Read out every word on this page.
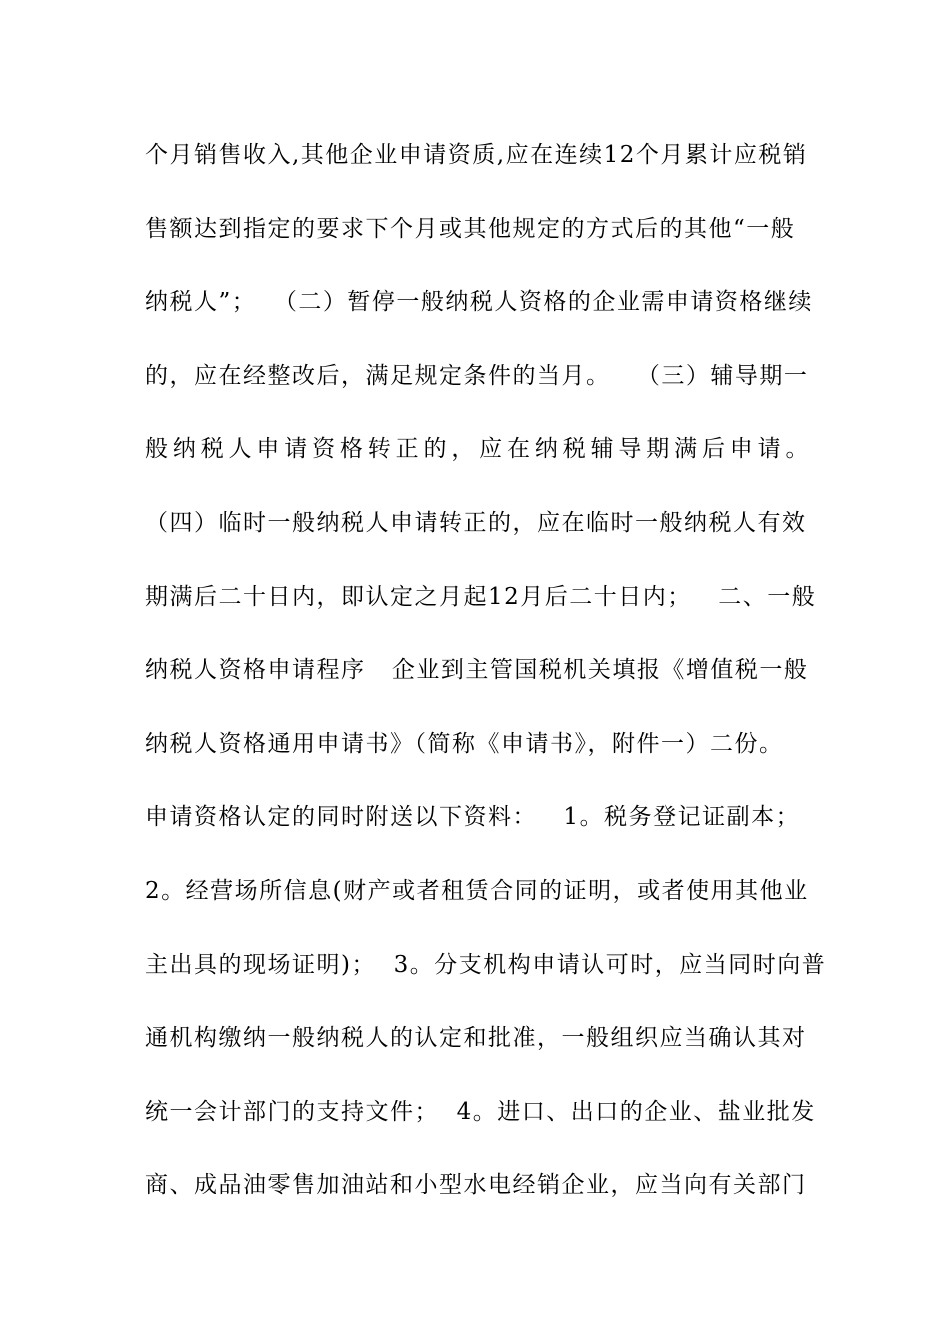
个月销售收入,其他企业申请资质,应在连续12个月累计应税销
售额达到指定的要求下个月或其他规定的方式后的其他“一般
纳税人”；  （二）暂停一般纳税人资格的企业需申请资格继续
的，应在经整改后，满足规定条件的当月。   （三）辅导期一
般纳税人申请资格转正的，应在纳税辅导期满后申请。
（四）临时一般纳税人申请转正的，应在临时一般纳税人有效
期满后二十日内，即认定之月起12月后二十日内；   二、一般
纳税人资格申请程序   企业到主管国税机关填报《增值税一般
纳税人资格通用申请书》（简称《申请书》，附件一）二份。
申请资格认定的同时附送以下资料：   1。税务登记证副本；
2。经营场所信息(财产或者租赁合同的证明，或者使用其他业
主出具的现场证明)；  3。分支机构申请认可时，应当同时向普
通机构缴纳一般纳税人的认定和批准，一般组织应当确认其对
统一会计部门的支持文件；  4。进口、出口的企业、盐业批发
商、成品油零售加油站和小型水电经销企业，应当向有关部门
